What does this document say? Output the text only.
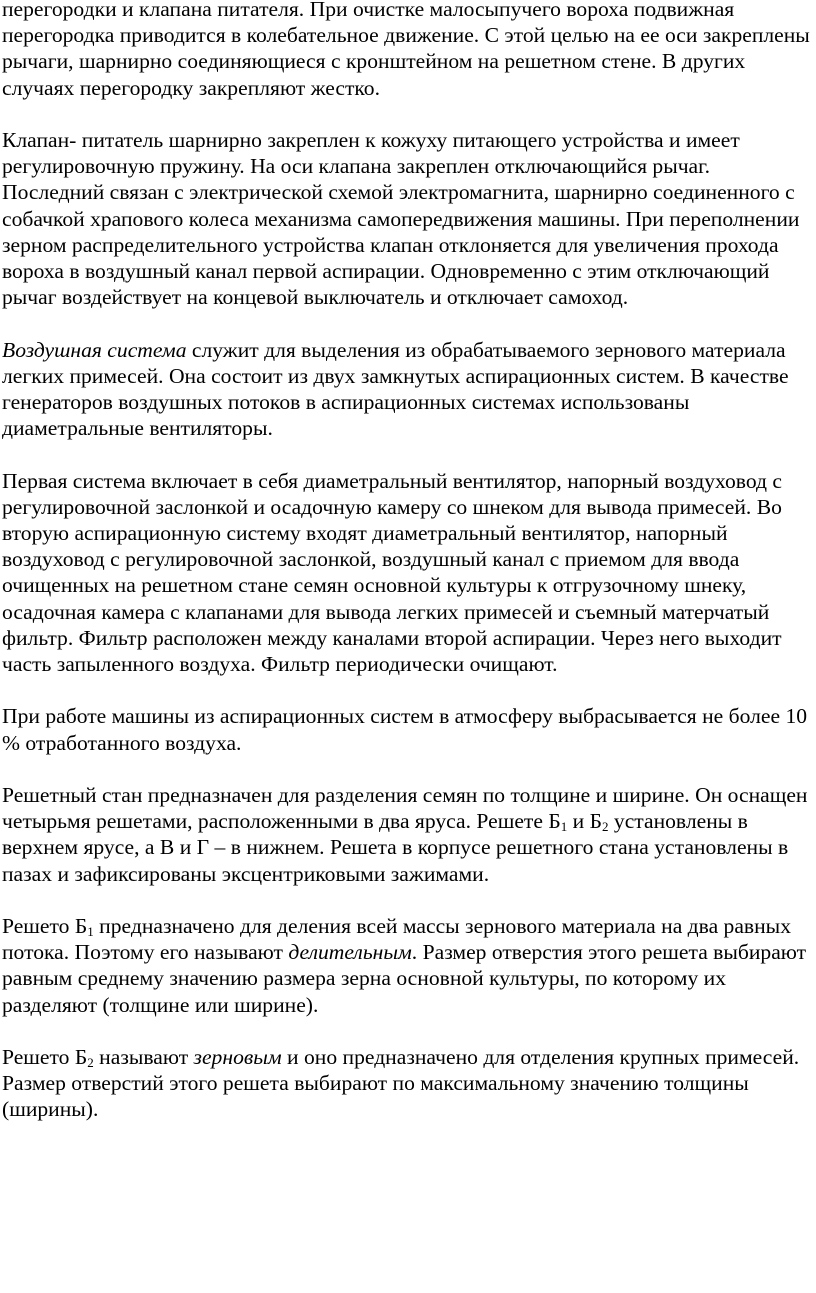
перегородки и клапана питателя. При очистке малосыпучего вороха подвижная перегородка приводится в колебательное движение. С этой целью на ее оси закреплены рычаги, шарнирно соединяющиеся с кронштейном на решетном стене. В других случаях перегородку закрепляют жестко.

Клапан- питатель шарнирно закреплен к кожуху питающего устройства и имеет регулировочную пружину. На оси клапана закреплен отключающийся рычаг. Последний связан с электрической схемой электромагнита, шарнирно соединенного с собачкой храпового колеса механизма самопередвижения машины. При переполнении зерном распределительного устройства клапан отклоняется для увеличения прохода вороха в воздушный канал первой аспирации. Одновременно с этим отключающий рычаг воздействует на концевой выключатель и отключает самоход.

Воздушная система служит для выделения из обрабатываемого зернового материала легких примесей. Она состоит из двух замкнутых аспирационных систем. В качестве генераторов воздушных потоков в аспирационных системах использованы диаметральные вентиляторы.

Первая система включает в себя диаметральный вентилятор, напорный воздуховод с регулировочной заслонкой и осадочную камеру со шнеком для вывода примесей. Во вторую аспирационную систему входят диаметральный вентилятор, напорный воздуховод с регулировочной заслонкой, воздушный канал с приемом для ввода очищенных на решетном стане семян основной культуры к отгрузочному шнеку, осадочная камера с клапанами для вывода легких примесей и съемный матерчатый фильтр. Фильтр расположен между каналами второй аспирации. Через него выходит часть запыленного воздуха. Фильтр периодически очищают.

При работе машины из аспирационных систем в атмосферу выбрасывается не более 10 % отработанного воздуха.

Решетный стан предназначен для разделения семян по толщине и ширине. Он оснащен четырьмя решетами, расположенными в два яруса. Решете $Б_1$ и $Б_2$ установлены в верхнем ярусе, а В и Г – в нижнем. Решета в корпусе решетного стана установлены в пазах и зафиксированы эксцентриковыми зажимами.

Решето $Б_1$ предназначено для деления всей массы зернового материала на два равных потока. Поэтому его называют делительным. Размер отверстия этого решета выбирают равным среднему значению размера зерна основной культуры, по которому их разделяют (толщине или ширине).

Решето $Б_2$ называют зерновым и оно предназначено для отделения крупных примесей. Размер отверстий этого решета выбирают по максимальному значению толщины (ширины).
